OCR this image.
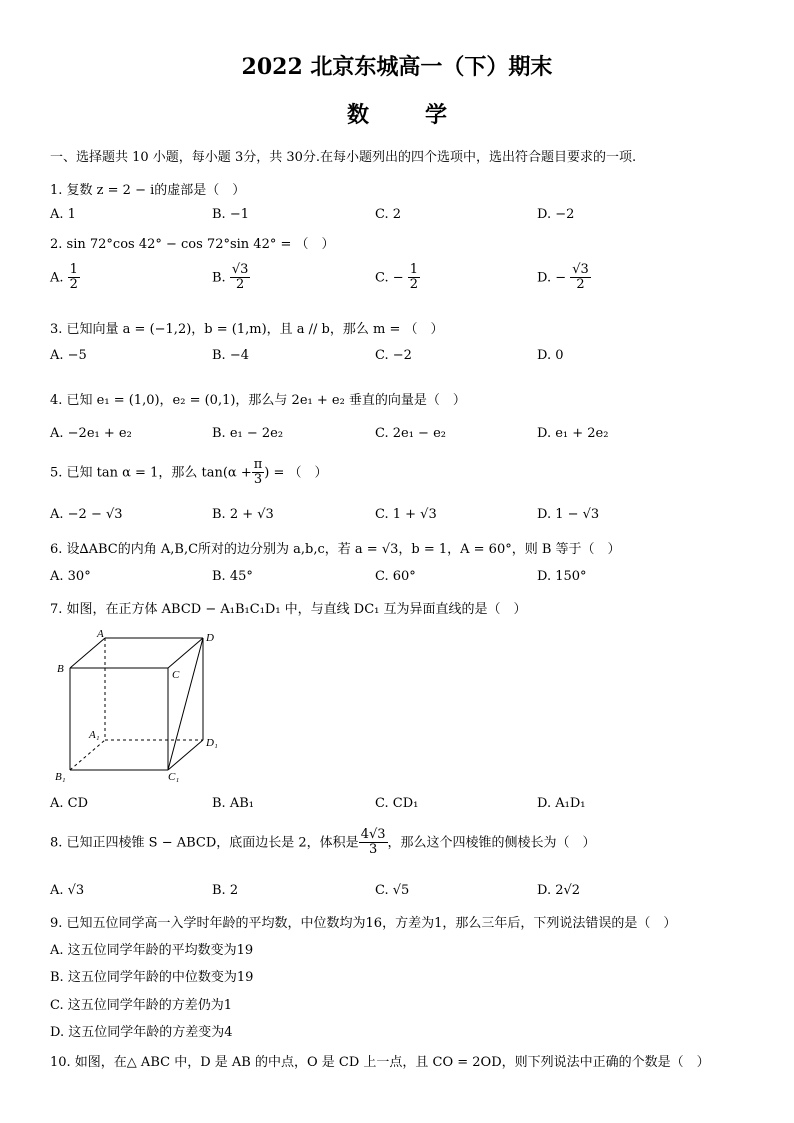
2022 北京东城高一（下）期末
数	学
一、选择题共 10 小题，每小题 3分，共 30分.在每小题列出的四个选项中，选出符合题目要求的一项.
1. 复数 z = 2 − i的虚部是（　）
A. 1	B. −1	C. 2	D. −2
2. sin 72°cos 42° − cos 72°sin 42° = （　）
A. $\frac{1}{2}$	B. $\frac{√3}{2}$	C. − $\frac{1}{2}$	D. − $\frac{√3}{2}$
3. 已知向量 a = (−1,2)，b = (1,m)，且 a // b，那么 m = （　）
A. −5	B. −4	C. −2	D. 0
4. 已知 e₁ = (1,0)，e₂ = (0,1)，那么与 2e₁ + e₂ 垂直的向量是（　）
A. −2e₁ + e₂	B. e₁ − 2e₂	C. 2e₁ − e₂	D. e₁ + 2e₂
5. 已知 tan α = 1，那么 $\tan(\alpha + \frac{\pi}{3}$ ) = （　）
A. −2 − √3	B. 2 + √3	C. 1 + √3	D. 1 − √3
6. 设∆ABC的内角 A,B,C所对的边分别为 a,b,c，若 a = √3，b = 1，A = 60°，则 B 等于（　）
A. 30°	B. 45°	C. 60°	D. 150°
7. 如图，在正方体 ABCD − A₁B₁C₁D₁ 中，与直线 DC₁ 互为异面直线的是（　）
A	D
B	C
A₁
D₁
B₁	C₁
A. CD	B. AB₁	C. CD₁	D. A₁D₁
8. 已知正四棱锥 S − ABCD，底面边长是 2，体积是 $\frac{4√3}{3}$ ，那么这个四棱锥的侧棱长为（　）
A. √3	B. 2	C. √5	D. 2√2
9. 已知五位同学高一入学时年龄的平均数，中位数均为16，方差为1，那么三年后，下列说法错误的是（　）
A. 这五位同学年龄的平均数变为19
B. 这五位同学年龄的中位数变为19
C. 这五位同学年龄的方差仍为1
D. 这五位同学年龄的方差变为4
10. 如图，在△ ABC 中，D 是 AB 的中点，O 是 CD 上一点，且 CO = 2OD，则下列说法中正确的个数是（　）
